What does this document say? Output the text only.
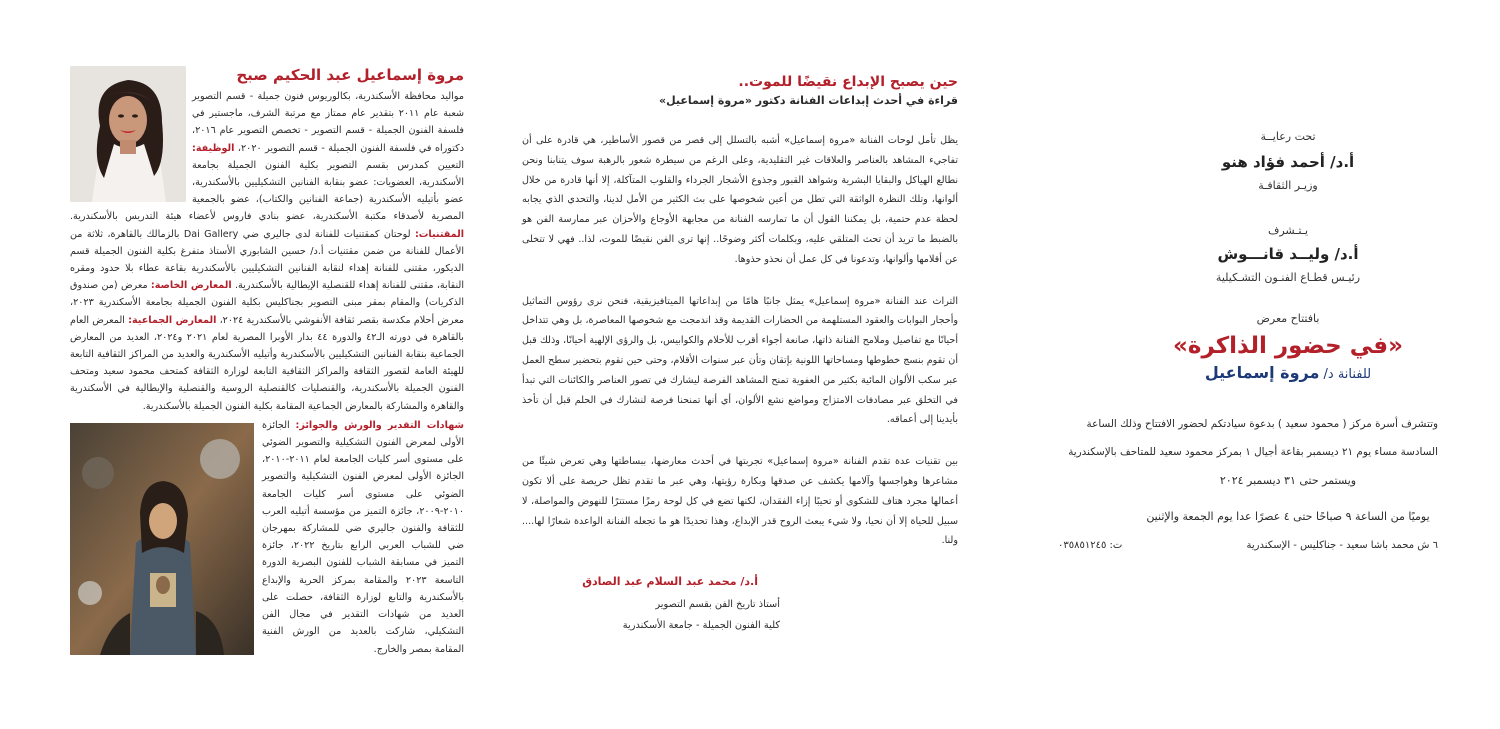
تحت رعايــة
أ.د/ أحمد فؤاد هنو
وزيـر الثقافـة
يـتـشرف
أ.د/ وليــد قانـــوش
رئيـس قطـاع الفنـون التشـكيلية
بافتتاح معرض
«في حضور الذاكرة»
للفنانة د/ مروة إسماعيل
وتتشرف أسرة مركز ( محمود سعيد ) بدعوة سيادتكم لحضور الافتتاح وذلك الساعة
السادسة مساء يوم ٢١ ديسمبر بقاعة أجيال ١ بمركز محمود سعيد للمتاحف بالإسكندرية
ويستمر حتى ٣١ ديسمبر ٢٠٢٤
يوميًا من الساعة ٩ صباحًا حتى ٤ عصرًا عدا يوم الجمعة والإثنين
٦ ش محمد باشا سعيد - جناكليس - الإسكندرية
ت: ٠٣٥٨٥١٢٤٥
حين يصبح الإبداع نقيضًا للموت..
قراءة في أحدث إبداعات الفنانة دكتور «مروة إسماعيل»

يظل تأمل لوحات الفنانة «مروة إسماعيل» أشبه بالتسلل إلى قصر من قصور الأساطير، هي قادرة على أن تفاجيء المشاهد بالعناصر والعلاقات غير التقليدية، وعلى الرغم من سيطرة شعور بالرهبة سوف يتنابنا ونحن نطالع الهياكل والبقايا البشرية وشواهد القبور وجذوع الأشجار الجرداء والقلوب المتآكلة، إلا أنها قادرة من خلال ألوانها، وتلك النظرة الواثقة التي تطل من أعين شخوصها على بث الكثير من الأمل لدينا، والتحدي الذي يجابه لحظة عدم حتمية، بل يمكننا القول أن ما تمارسه الفنانة من مجابهة الأوجاع والأحزان عبر ممارسة الفن هو بالضبط ما تريد أن تحث المتلقي عليه، وبكلمات أكثر وضوحًا.. إنها ترى الفن نقيضًا للموت، لذا.. فهي لا تتخلى عن أقلامها وألوانها، وتدعونا في كل عمل أن نحذو حذوها.

التراث عند الفنانة «مروة إسماعيل» يمثل جانبًا هامًا من إبداعاتها الميتافيزيقية، فنحن نرى رؤوس التماثيل وأحجار البوابات والعقود المستلهمة من الحضارات القديمة وقد اندمجت مع شخوصها المعاصرة، بل وهي تتداخل أحيانًا مع تفاصيل وملامح الفنانة ذاتها، صانعة أجواء أقرب للأحلام والكوابيس، بل والرؤى الإلهية أحيانًا، وذلك قبل أن تقوم بنسج خطوطها ومساحاتها اللونية بإتقان وتأن عبر سنوات الأقلام، وحتى حين تقوم بتحضير سطح العمل عبر سكب الألوان المائية بكثير من العفوية تمنح المشاهد الفرصة ليشارك في تصور العناصر والكائنات التي تبدأ في التخلق عبر مصادفات الامتزاج ومواضع نشع الألوان، أي أنها تمنحنا فرصة لنشارك في الحلم قبل أن تأخذ بأيدينا إلى أعماقه.

بين تقنيات عدة تقدم الفنانة «مروة إسماعيل» تجربتها في أحدث معارضها، ببساطتها وهي تعرض شيئًا من مشاعرها وهواجسها وآلامها يكشف عن صدقها وبكارة رؤيتها، وهي عبر ما تقدم تظل حريصة على ألا تكون أعمالها مجرد هتاف للشكوى أو تحيبًا إزاء الفقدان، لكنها تضع في كل لوحة رمزًا مستترًا للنهوض والمواصلة، لا سبيل للحياة إلا أن نحيا، ولا شيء يبعث الروح قدر الإبداع، وهذا تحديدًا هو ما تجعله الفنانة الواعدة شعارًا لها.... ولنا.

أ.د/ محمد عبد السلام عبد الصادق
أستاذ تاريخ الفن بقسم التصوير
كلية الفنون الجميلة - جامعة الأسكندرية
مروة إسماعيل عبد الحكيم صبح

مواليد محافظة الأسكندرية، بكالوريوس فنون جميلة - قسم التصوير شعبة عام ٢٠١١ بتقدير عام ممتاز مع مرتبة الشرف، ماجستير في فلسفة الفنون الجميلة - قسم التصوير - تخصص التصوير عام ٢٠١٦، دكتوراه في فلسفة الفنون الجميلة - قسم التصوير ٢٠٢٠، الوظيفة: التعيين كمدرس بقسم التصوير بكلية الفنون الجميلة بجامعة الأسكندرية، العضويات: عضو بنقابة الفنانين التشكيليين بالأسكندرية، عضو بأتيليه الأسكندرية (جماعة الفنانين والكتاب)، عضو بالجمعية المصرية لأصدقاء مكتبة الأسكندرية، عضو بنادي فاروس لأعضاء هيئة التدريس بالأسكندرية. المقتنيات: لوحتان كمقتنيات للفنانة لدى جاليري ضي Dai Gallery بالزمالك بالقاهرة، ثلاثة من الأعمال للفنانة من ضمن مقتنيات أ.د/ حسين الشابوري الأستاذ متفرغ بكلية الفنون الجميلة قسم الديكور، مقتنى للفنانة إهداء لنقابة الفنانين التشكيليين بالأسكندرية بقاعة عطاء بلا حدود ومقره النقابة، مقتنى للفنانة إهداء للقنصلية الإيطالية بالأسكندرية. المعارض الخاصة: معرض (من صندوق الذكريات) والمقام بمقر مبنى التصوير بجناكليس بكلية الفنون الجميلة بجامعة الأسكندرية ٢٠٢٣، معرض أحلام مكدسة بقصر ثقافة الأنفوشي بالأسكندرية ٢٠٢٤، المعارض الجماعية: المعرض العام بالقاهرة في دورته الـ٤٢ والدورة ٤٤ بدار الأوبرا المصرية لعام ٢٠٢١ و٢٠٢٤، العديد من المعارض الجماعية بنقابة الفنانين التشكيليين بالأسكندرية وأتيليه الأسكندرية والعديد من المراكز الثقافية التابعة للهيئة العامة لقصور الثقافة والمراكز الثقافية التابعة لوزارة الثقافة كمتحف محمود سعيد ومتحف الفنون الجميلة بالأسكندرية، والقنصليات كالقنصلية الروسية والقنصلية والإيطالية في الأسكندرية والقاهرة والمشاركة بالمعارض الجماعية المقامة بكلية الفنون الجميلة بالأسكندرية.

شهادات التقدير والورش والجوائز: الجائزة الأولى لمعرض الفنون التشكيلية والتصوير الضوئي على مستوى أسر كليات الجامعة لعام ٢٠١١-٢٠١٠، الجائزة الأولى لمعرض الفنون التشكيلية والتصوير الضوئي على مستوى أسر كليات الجامعة ٢٠١٠-٢٠٠٩، جائزة التميز من مؤسسة أتيليه العرب للثقافة والفنون جاليري ضي للمشاركة بمهرجان ضي للشباب العربي الرابع بتاريخ ٢٠٢٢، جائزة التميز في مسابقة الشباب للفنون البصرية الدورة التاسعة ٢٠٢٣ والمقامة بمركز الحرية والإبداع بالأسكندرية والتابع لوزارة الثقافة، حصلت على العديد من شهادات التقدير في مجال الفن التشكيلي، شاركت بالعديد من الورش الفنية المقامة بمصر والخارج.
